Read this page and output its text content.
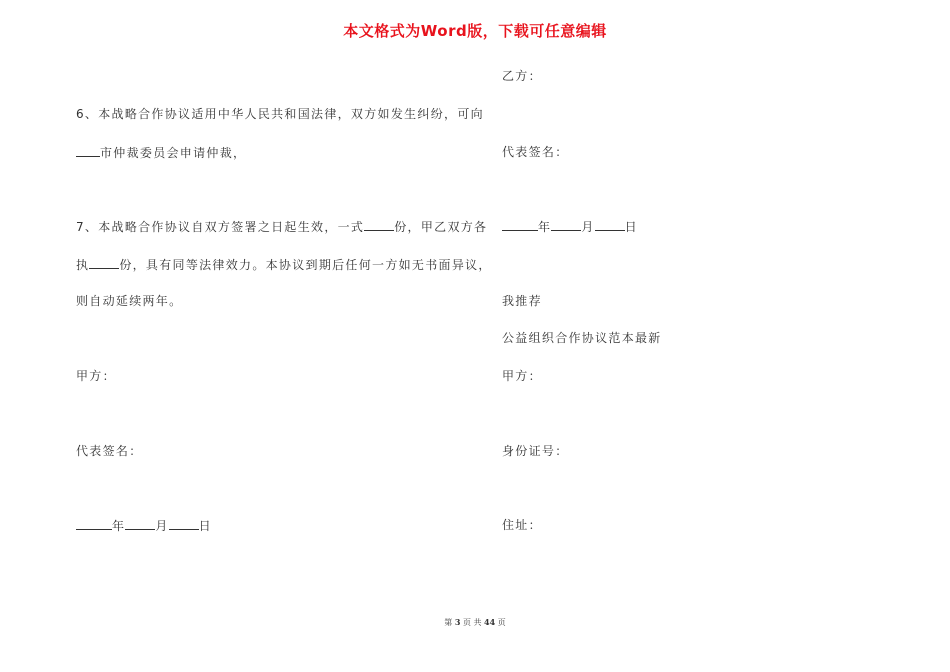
本文格式为Word版，下载可任意编辑
6、本战略合作协议适用中华人民共和国法律，双方如发生纠纷，可向
市仲裁委员会申请仲裁，
7、本战略合作协议自双方签署之日起生效，一式	份，甲乙双方各
执	份，具有同等法律效力。本协议到期后任何一方如无书面异议，
则自动延续两年。
甲方：
代表签名：
年	月	日
乙方：
代表签名：
年	月	日
我推荐
公益组织合作协议范本最新
甲方：
身份证号：
住址：
第 3 页 共 44 页
